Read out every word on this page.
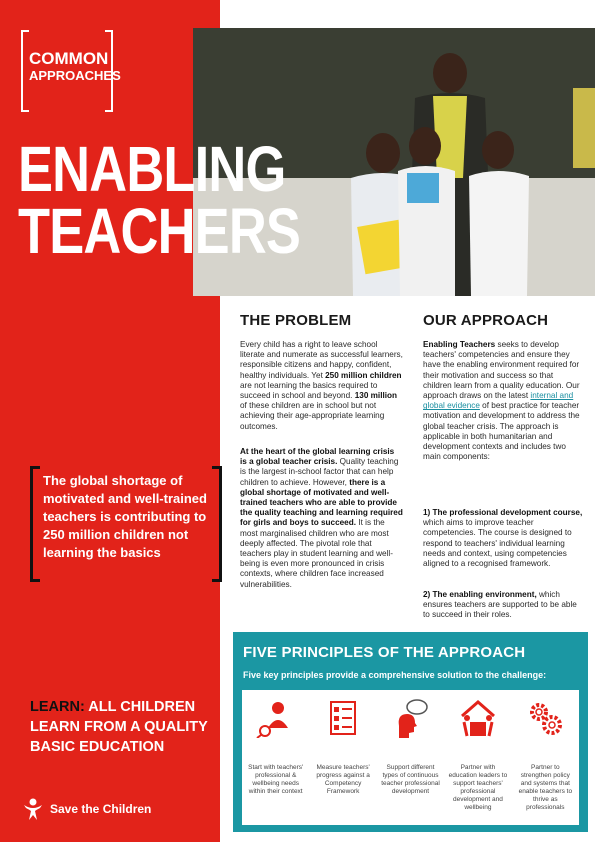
COMMON
APPROACHES
ENABLING
TEACHERS
The global shortage of motivated and well-trained teachers is contributing to 250 million children not learning the basics
LEARN: ALL CHILDREN LEARN FROM A QUALITY BASIC EDUCATION
Save the Children
THE PROBLEM
Every child has a right to leave school literate and numerate as successful learners, responsible citizens and happy, confident, healthy individuals. Yet 250 million children are not learning the basics required to succeed in school and beyond. 130 million of these children are in school but not achieving their age-appropriate learning outcomes.
At the heart of the global learning crisis is a global teacher crisis. Quality teaching is the largest in-school factor that can help children to achieve. However, there is a global shortage of motivated and well-trained teachers who are able to provide the quality teaching and learning required for girls and boys to succeed. It is the most marginalised children who are most deeply affected. The pivotal role that teachers play in student learning and well-being is even more pronounced in crisis contexts, where children face increased vulnerabilities.
OUR APPROACH
Enabling Teachers seeks to develop teachers' competencies and ensure they have the enabling environment required for their motivation and success so that children learn from a quality education. Our approach draws on the latest internal and global evidence of best practice for teacher motivation and development to address the global teacher crisis. The approach is applicable in both humanitarian and development contexts and includes two main components:
1) The professional development course, which aims to improve teacher competencies. The course is designed to respond to teachers' individual learning needs and context, using competencies aligned to a recognised framework.
2) The enabling environment, which ensures teachers are supported to be able to succeed in their roles.
FIVE PRINCIPLES OF THE APPROACH
Five key principles provide a comprehensive solution to the challenge:
Start with teachers' professional & wellbeing needs within their context
Measure teachers' progress against a Competency Framework
Support different types of continuous teacher professional development
Partner with education leaders to support teachers' professional development and wellbeing
Partner to strengthen policy and systems that enable teachers to thrive as professionals
